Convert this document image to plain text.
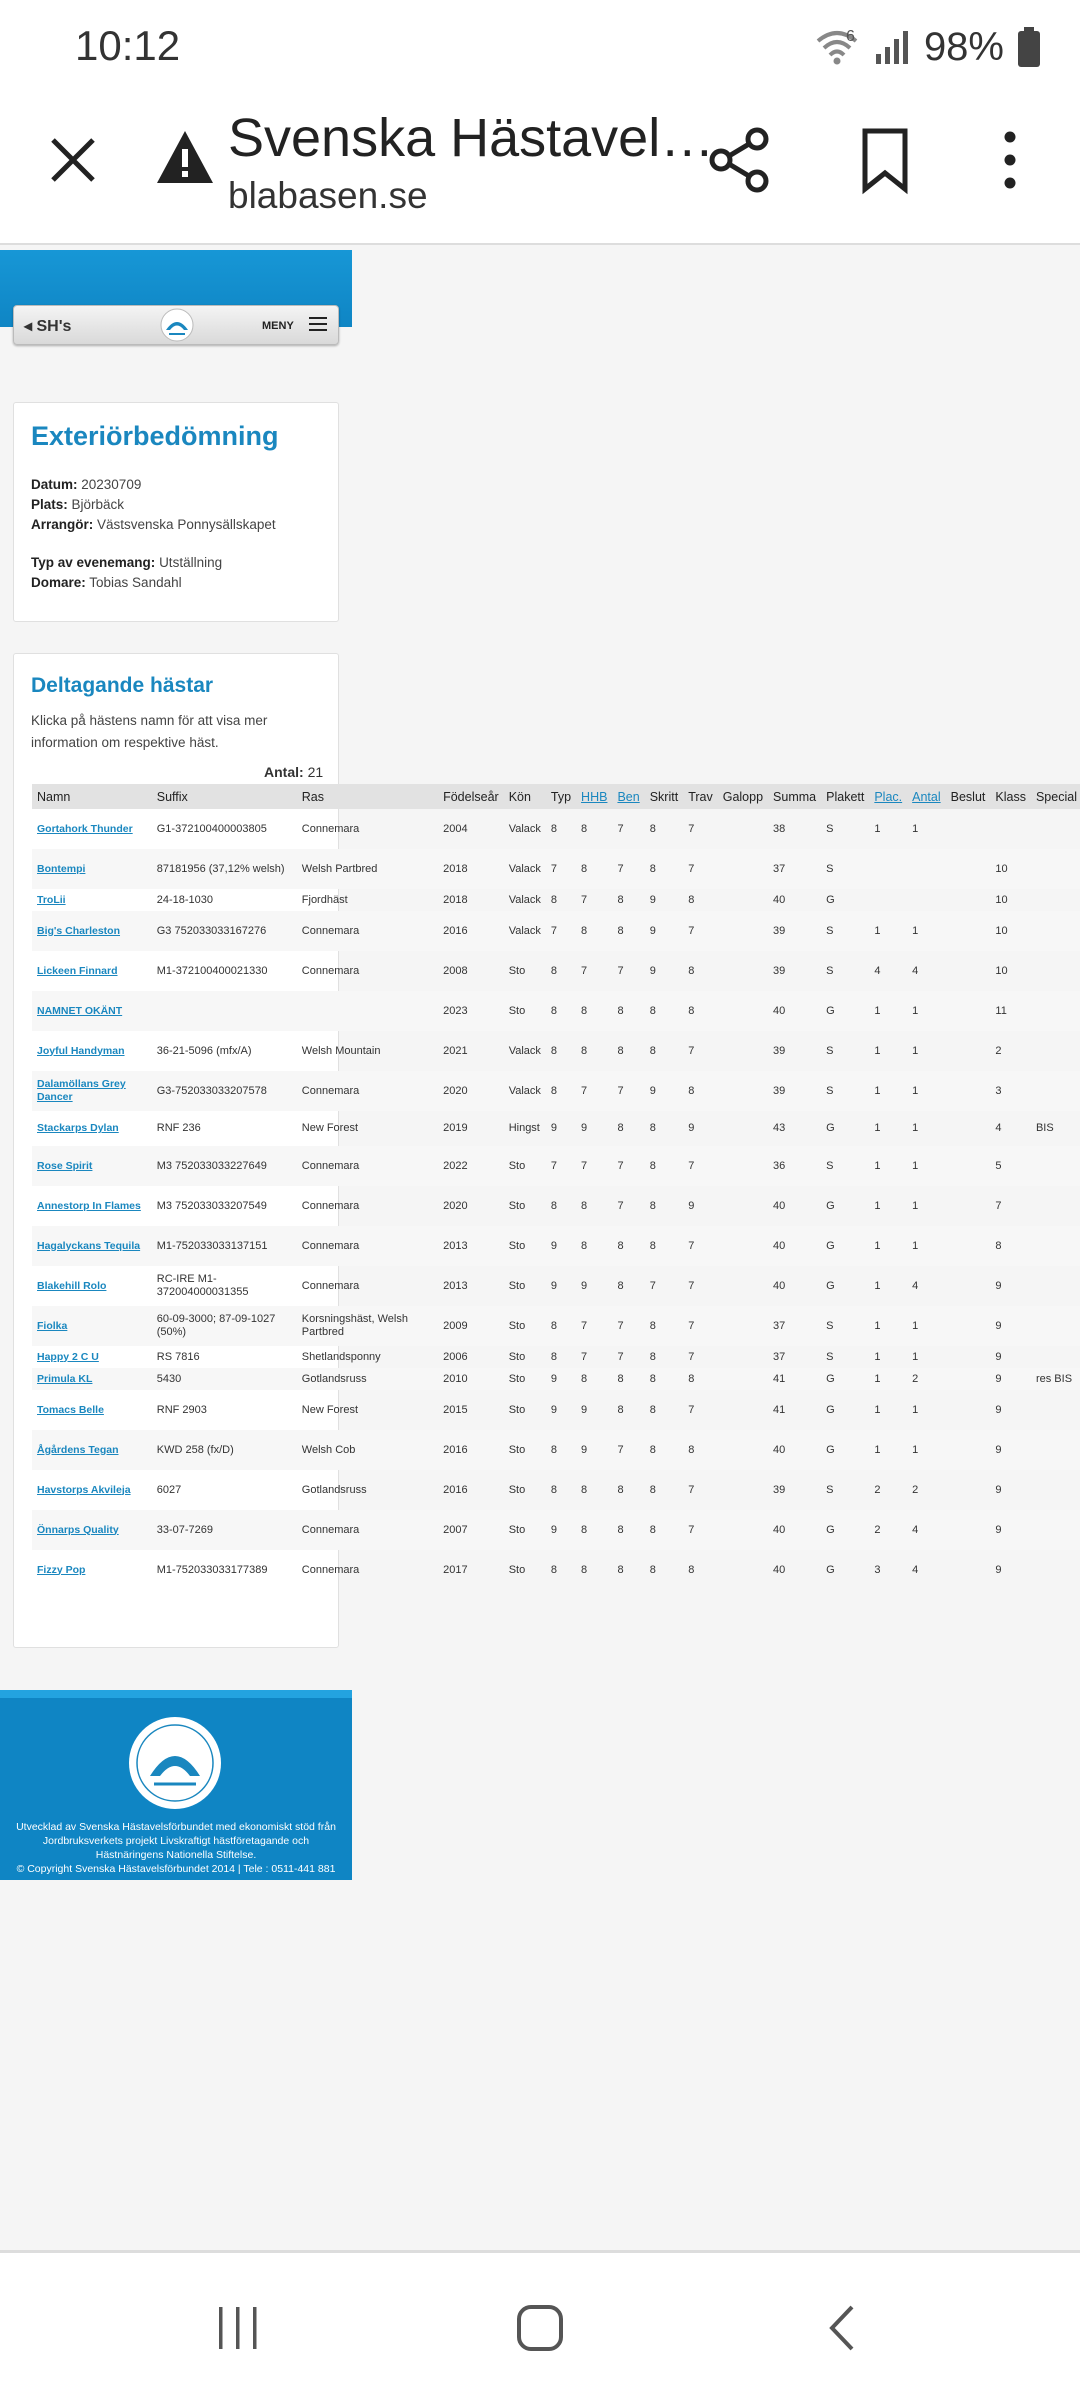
10:12	6 98%
Svenska Hästavel…
blabasen.se
◂ SH's	MENY
Exteriörbedömning
Datum: 20230709
Plats: Björbäck
Arrangör: Västsvenska Ponnysällskapet
Typ av evenemang: Utställning
Domare: Tobias Sandahl
Deltagande hästar
Klicka på hästens namn för att visa mer information om respektive häst.
Antal: 21
Namn	Suffix	Ras	Födelseår	Kön	Typ	HHB	Ben	Skritt	Trav	Galopp	Summa	Plakett	Plac.	Antal	Beslut	Klass	Special
Gortahork Thunder	G1-372100400003805	Connemara	2004	Valack	8	8	7	8	7		38	S	1	1			
Bontempi	87181956 (37,12% welsh)	Welsh Partbred	2018	Valack	7	8	7	8	7		37	S				10	
TroLii	24-18-1030	Fjordhäst	2018	Valack	8	7	8	9	8		40	G				10	
Big's Charleston	G3 752033033167276	Connemara	2016	Valack	7	8	8	9	7		39	S	1	1		10	
Lickeen Finnard	M1-372100400021330	Connemara	2008	Sto	8	7	7	9	8		39	S	4	4		10	
NAMNET OKÄNT			2023	Sto	8	8	8	8	8		40	G	1	1		11	
Joyful Handyman	36-21-5096 (mfx/A)	Welsh Mountain	2021	Valack	8	8	8	8	7		39	S	1	1		2	
Dalamöllans Grey Dancer	G3-752033033207578	Connemara	2020	Valack	8	7	7	9	8		39	S	1	1		3	
Stackarps Dylan	RNF 236	New Forest	2019	Hingst	9	9	8	8	9		43	G	1	1		4	BIS
Rose Spirit	M3 752033033227649	Connemara	2022	Sto	7	7	7	8	7		36	S	1	1		5	
Annestorp In Flames	M3 752033033207549	Connemara	2020	Sto	8	8	7	8	9		40	G	1	1		7	
Hagalyckans Tequila	M1-752033033137151	Connemara	2013	Sto	9	8	8	8	7		40	G	1	1		8	
Blakehill Rolo	RC-IRE M1-372004000031355	Connemara	2013	Sto	9	9	8	7	7		40	G	1	4		9	
Fiolka	60-09-3000; 87-09-1027 (50%)	Korsningshäst, Welsh Partbred	2009	Sto	8	7	7	8	7		37	S	1	1		9	
Happy 2 C U	RS 7816	Shetlandsponny	2006	Sto	8	7	7	8	7		37	S	1	1		9	
Primula KL	5430	Gotlandsruss	2010	Sto	9	8	8	8	8		41	G	1	2		9	res BIS
Tomacs Belle	RNF 2903	New Forest	2015	Sto	9	9	8	8	7		41	G	1	1		9	
Ågårdens Tegan	KWD 258 (fx/D)	Welsh Cob	2016	Sto	8	9	7	8	8		40	G	1	1		9	
Havstorps Akvileja	6027	Gotlandsruss	2016	Sto	8	8	8	8	7		39	S	2	2		9	
Önnarps Quality	33-07-7269	Connemara	2007	Sto	9	8	8	8	7		40	G	2	4		9	
Fizzy Pop	M1-752033033177389	Connemara	2017	Sto	8	8	8	8	8		40	G	3	4		9	
Utvecklad av Svenska Hästavelsförbundet med ekonomiskt stöd från Jordbruksverkets projekt Livskraftigt hästföretagande och Hästnäringens Nationella Stiftelse.
© Copyright Svenska Hästavelsförbundet 2014 | Tele : 0511-441 881
